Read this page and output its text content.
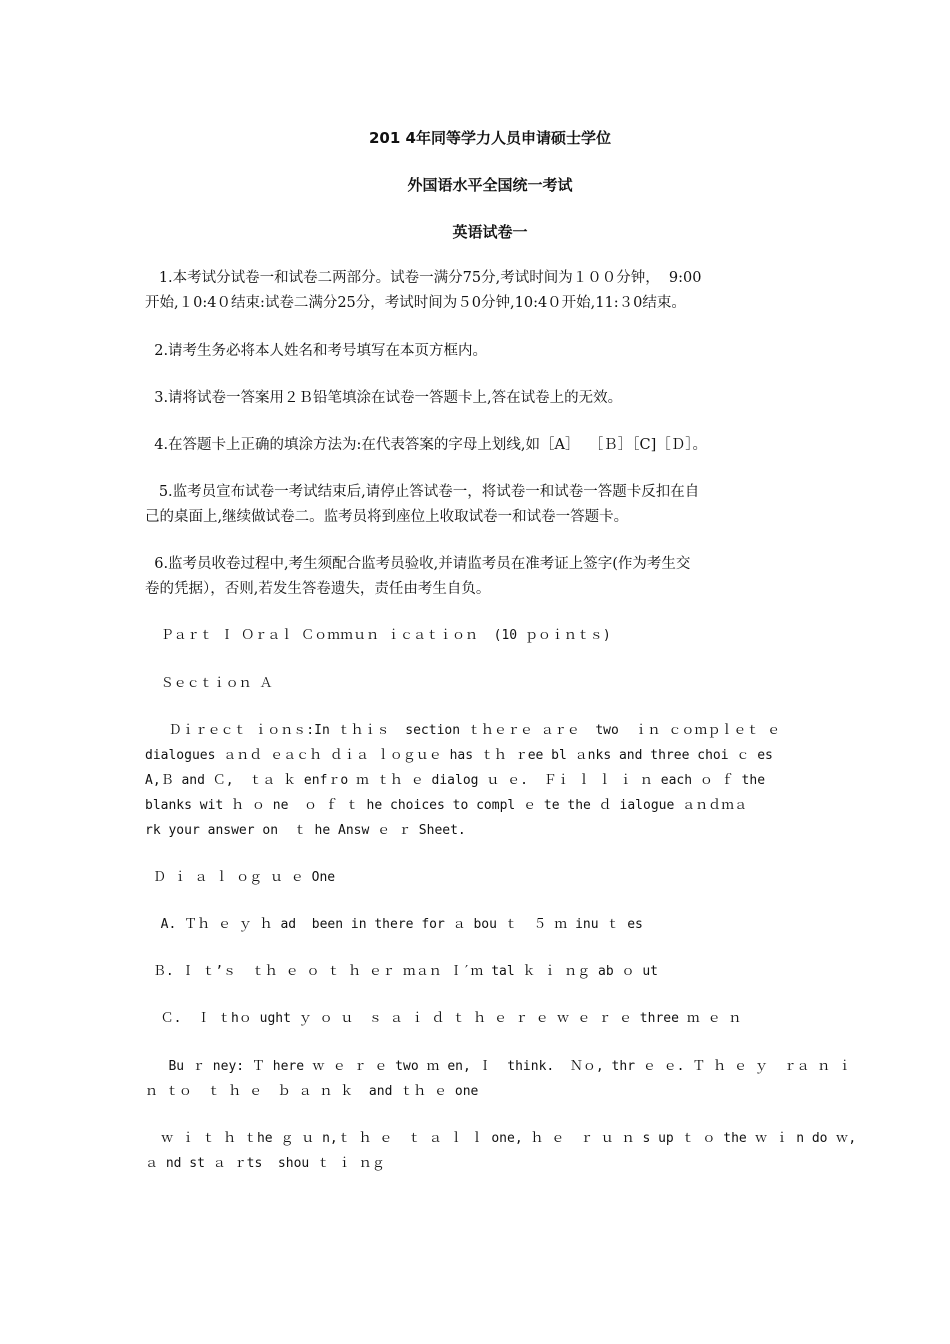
201 4年同等学力人员申请硕士学位
外国语水平全国统一考试
英语试卷一
1.本考试分试卷一和试卷二两部分。试卷一满分75分,考试时间为１００分钟，  9:00
开始,１0:4０结束:试卷二满分25分，考试时间为５0分钟,10:4０开始,11:３0结束。
2.请考生务必将本人姓名和考号填写在本页方框内。
3.请将试卷一答案用２Ｂ铅笔填涂在试卷一答题卡上,答在试卷上的无效。
4.在答题卡上正确的填涂方法为:在代表答案的字母上划线,如［A］  ［Ｂ］［C]［Ｄ］。
5.监考员宣布试卷一考试结束后,请停止答试卷一，将试卷一和试卷一答题卡反扣在自
己的桌面上,继续做试卷二。监考员将到座位上收取试卷一和试卷一答题卡。
6.监考员收卷过程中,考生须配合监考员验收,并请监考员在准考证上签字(作为考生交
卷的凭据），否则,若发生答卷遗失，责任由考生自负。
Ｐａｒｔ Ｉ Ｏｒａｌ Ｃｏｍｍｕｎ ｉｃａｔｉｏｎ  (10 ｐｏｉｎｔｓ)
Ｓｅｃｔｉｏｎ Ａ
Ｄｉｒｅｃｔ ｉｏｎｓ:In ｔｈｉｓ  section ｔｈｅｒｅ ａｒｅ  two  ｉｎ ｃｏｍｐｌｅｔ ｅ
dialogues ａｎｄ ｅａｃｈ ｄｉａ ｌｏｇｕｅ has ｔｈ ｒee bl ａnks and three choi ｃ es
A,Ｂ and Ｃ,  ｔａ ｋ enfｒo ｍ ｔｈ ｅ dialog ｕ ｅ.  Ｆｉ ｌ ｌ ｉ ｎ each ｏ ｆ the
blanks wit ｈ ｏ ne  ｏ ｆ ｔ he choices to compl ｅ te the ｄ ialogue ａｎｄｍａ
rk your answer on  ｔ he Answ ｅ ｒ Sheet.
Ｄ ｉ ａ ｌ ｏｇ ｕ ｅ One
A. Ｔｈ ｅ ｙ ｈ ad  been in there for ａ bou ｔ  ５ ｍ inu ｔ es
Ｂ. Ｉ ｔ’ｓ  ｔｈ ｅ ｏ ｔ ｈ ｅｒ ｍａｎ Ｉ′ｍ tal ｋ ｉ ｎｇ ab ｏ ut
Ｃ.  Ｉ ｔhｏ ught ｙ ｏ ｕ  ｓ ａ ｉ ｄ ｔ ｈ ｅ ｒ ｅ ｗ ｅ ｒ ｅ three ｍ ｅ ｎ
Bu ｒ ney: Ｔ here ｗ ｅ ｒ ｅ two ｍ en, Ｉ  think.  Ｎｏ, thr ｅ ｅ. Ｔ ｈ ｅ ｙ  ｒａ ｎ ｉ
ｎ ｔｏ  ｔ ｈ ｅ  ｂ ａ ｎ ｋ  and ｔｈ ｅ one
ｗ ｉ ｔ ｈ ｔhe ｇ ｕ n,ｔ ｈ ｅ  ｔ ａ ｌ ｌ one, ｈ ｅ  ｒ ｕ ｎ s up ｔ ｏ the ｗ ｉ n do ｗ,
ａ nd st ａ ｒts  shou ｔ ｉ ｎｇ
